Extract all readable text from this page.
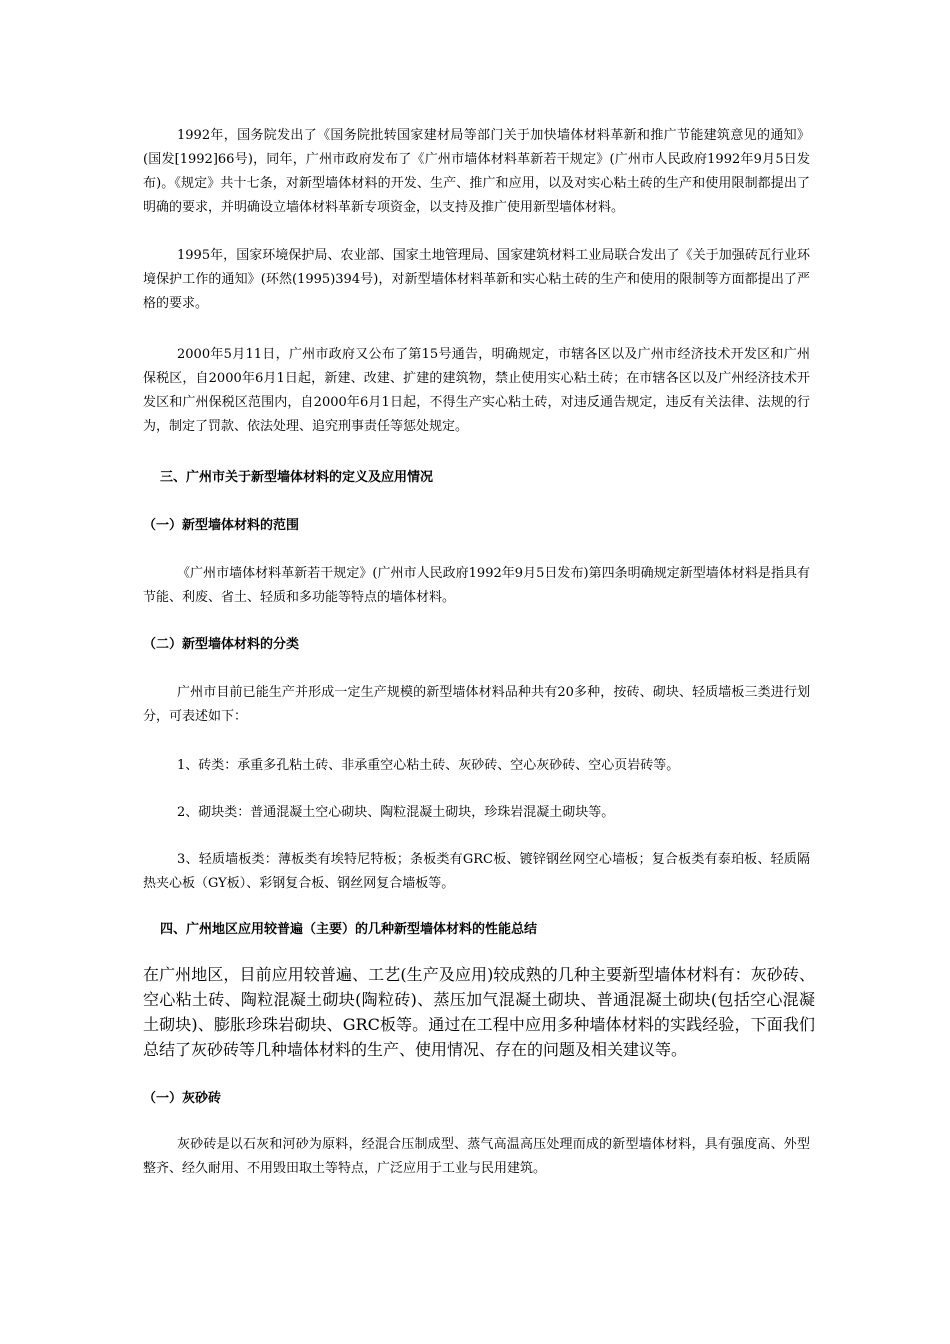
1992年，国务院发出了《国务院批转国家建材局等部门关于加快墙体材料革新和推广节能建筑意见的通知》(国发[1992]66号)，同年，广州市政府发布了《广州市墙体材料革新若干规定》(广州市人民政府1992年9月5日发布)。《规定》共十七条，对新型墙体材料的开发、生产、推广和应用，以及对实心粘土砖的生产和使用限制都提出了明确的要求，并明确设立墙体材料革新专项资金，以支持及推广使用新型墙体材料。

1995年，国家环境保护局、农业部、国家土地管理局、国家建筑材料工业局联合发出了《关于加强砖瓦行业环境保护工作的通知》(环然(1995)394号)，对新型墙体材料革新和实心粘土砖的生产和使用的限制等方面都提出了严格的要求。

2000年5月11日，广州市政府又公布了第15号通告，明确规定，市辖各区以及广州市经济技术开发区和广州保税区，自2000年6月1日起，新建、改建、扩建的建筑物，禁止使用实心粘土砖；在市辖各区以及广州经济技术开发区和广州保税区范围内，自2000年6月1日起，不得生产实心粘土砖，对违反通告规定，违反有关法律、法规的行为，制定了罚款、依法处理、追究刑事责任等惩处规定。

三、广州市关于新型墙体材料的定义及应用情况
（一）新型墙体材料的范围

《广州市墙体材料革新若干规定》(广州市人民政府1992年9月5日发布)第四条明确规定新型墙体材料是指具有节能、利废、省土、轻质和多功能等特点的墙体材料。

（二）新型墙体材料的分类

广州市目前已能生产并形成一定生产规模的新型墙体材料品种共有20多种，按砖、砌块、轻质墙板三类进行划分，可表述如下：

1、砖类：承重多孔粘土砖、非承重空心粘土砖、灰砂砖、空心灰砂砖、空心页岩砖等。

2、砌块类：普通混凝土空心砌块、陶粒混凝土砌块，珍珠岩混凝土砌块等。

3、轻质墙板类：薄板类有埃特尼特板；条板类有GRC板、镀锌钢丝网空心墙板；复合板类有泰珀板、轻质隔热夹心板（GY板）、彩钢复合板、钢丝网复合墙板等。

四、广州地区应用较普遍（主要）的几种新型墙体材料的性能总结

在广州地区，目前应用较普遍、工艺(生产及应用)较成熟的几种主要新型墙体材料有：灰砂砖、空心粘土砖、陶粒混凝土砌块(陶粒砖)、蒸压加气混凝土砌块、普通混凝土砌块(包括空心混凝土砌块)、膨胀珍珠岩砌块、GRC板等。通过在工程中应用多种墙体材料的实践经验，下面我们总结了灰砂砖等几种墙体材料的生产、使用情况、存在的问题及相关建议等。

（一）灰砂砖

灰砂砖是以石灰和河砂为原料，经混合压制成型、蒸气高温高压处理而成的新型墙体材料，具有强度高、外型整齐、经久耐用、不用毁田取土等特点，广泛应用于工业与民用建筑。
